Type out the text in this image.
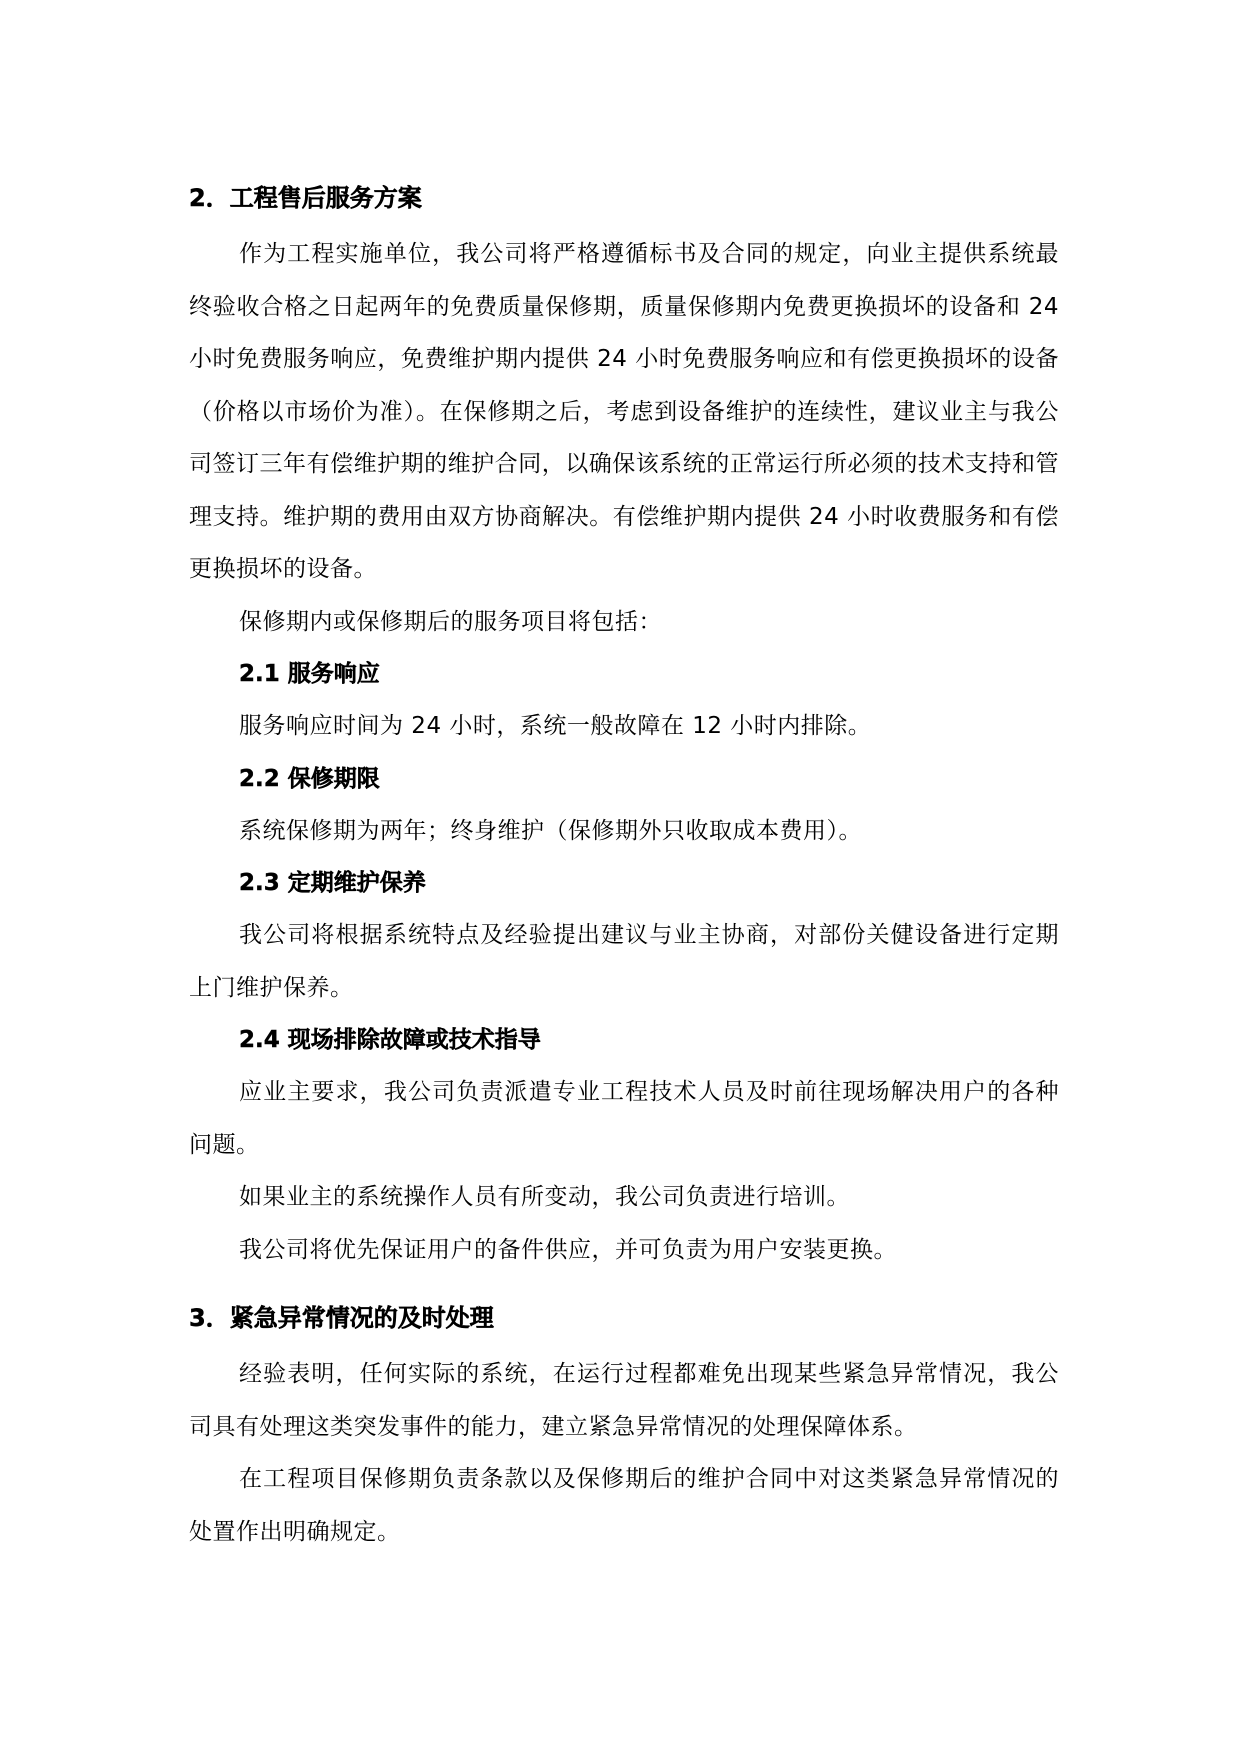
2．工程售后服务方案

作为工程实施单位，我公司将严格遵循标书及合同的规定，向业主提供系统最终验收合格之日起两年的免费质量保修期，质量保修期内免费更换损坏的设备和 24 小时免费服务响应，免费维护期内提供 24 小时免费服务响应和有偿更换损坏的设备（价格以市场价为准）。在保修期之后，考虑到设备维护的连续性，建议业主与我公司签订三年有偿维护期的维护合同，以确保该系统的正常运行所必须的技术支持和管理支持。维护期的费用由双方协商解决。有偿维护期内提供 24 小时收费服务和有偿更换损坏的设备。

保修期内或保修期后的服务项目将包括：

2.1 服务响应

服务响应时间为 24 小时，系统一般故障在 12 小时内排除。

2.2 保修期限

系统保修期为两年；终身维护（保修期外只收取成本费用）。

2.3 定期维护保养

我公司将根据系统特点及经验提出建议与业主协商，对部份关健设备进行定期上门维护保养。

2.4 现场排除故障或技术指导

应业主要求，我公司负责派遣专业工程技术人员及时前往现场解决用户的各种问题。

如果业主的系统操作人员有所变动，我公司负责进行培训。

我公司将优先保证用户的备件供应，并可负责为用户安装更换。

3．紧急异常情况的及时处理

经验表明，任何实际的系统，在运行过程都难免出现某些紧急异常情况，我公司具有处理这类突发事件的能力，建立紧急异常情况的处理保障体系。

在工程项目保修期负责条款以及保修期后的维护合同中对这类紧急异常情况的处置作出明确规定。
